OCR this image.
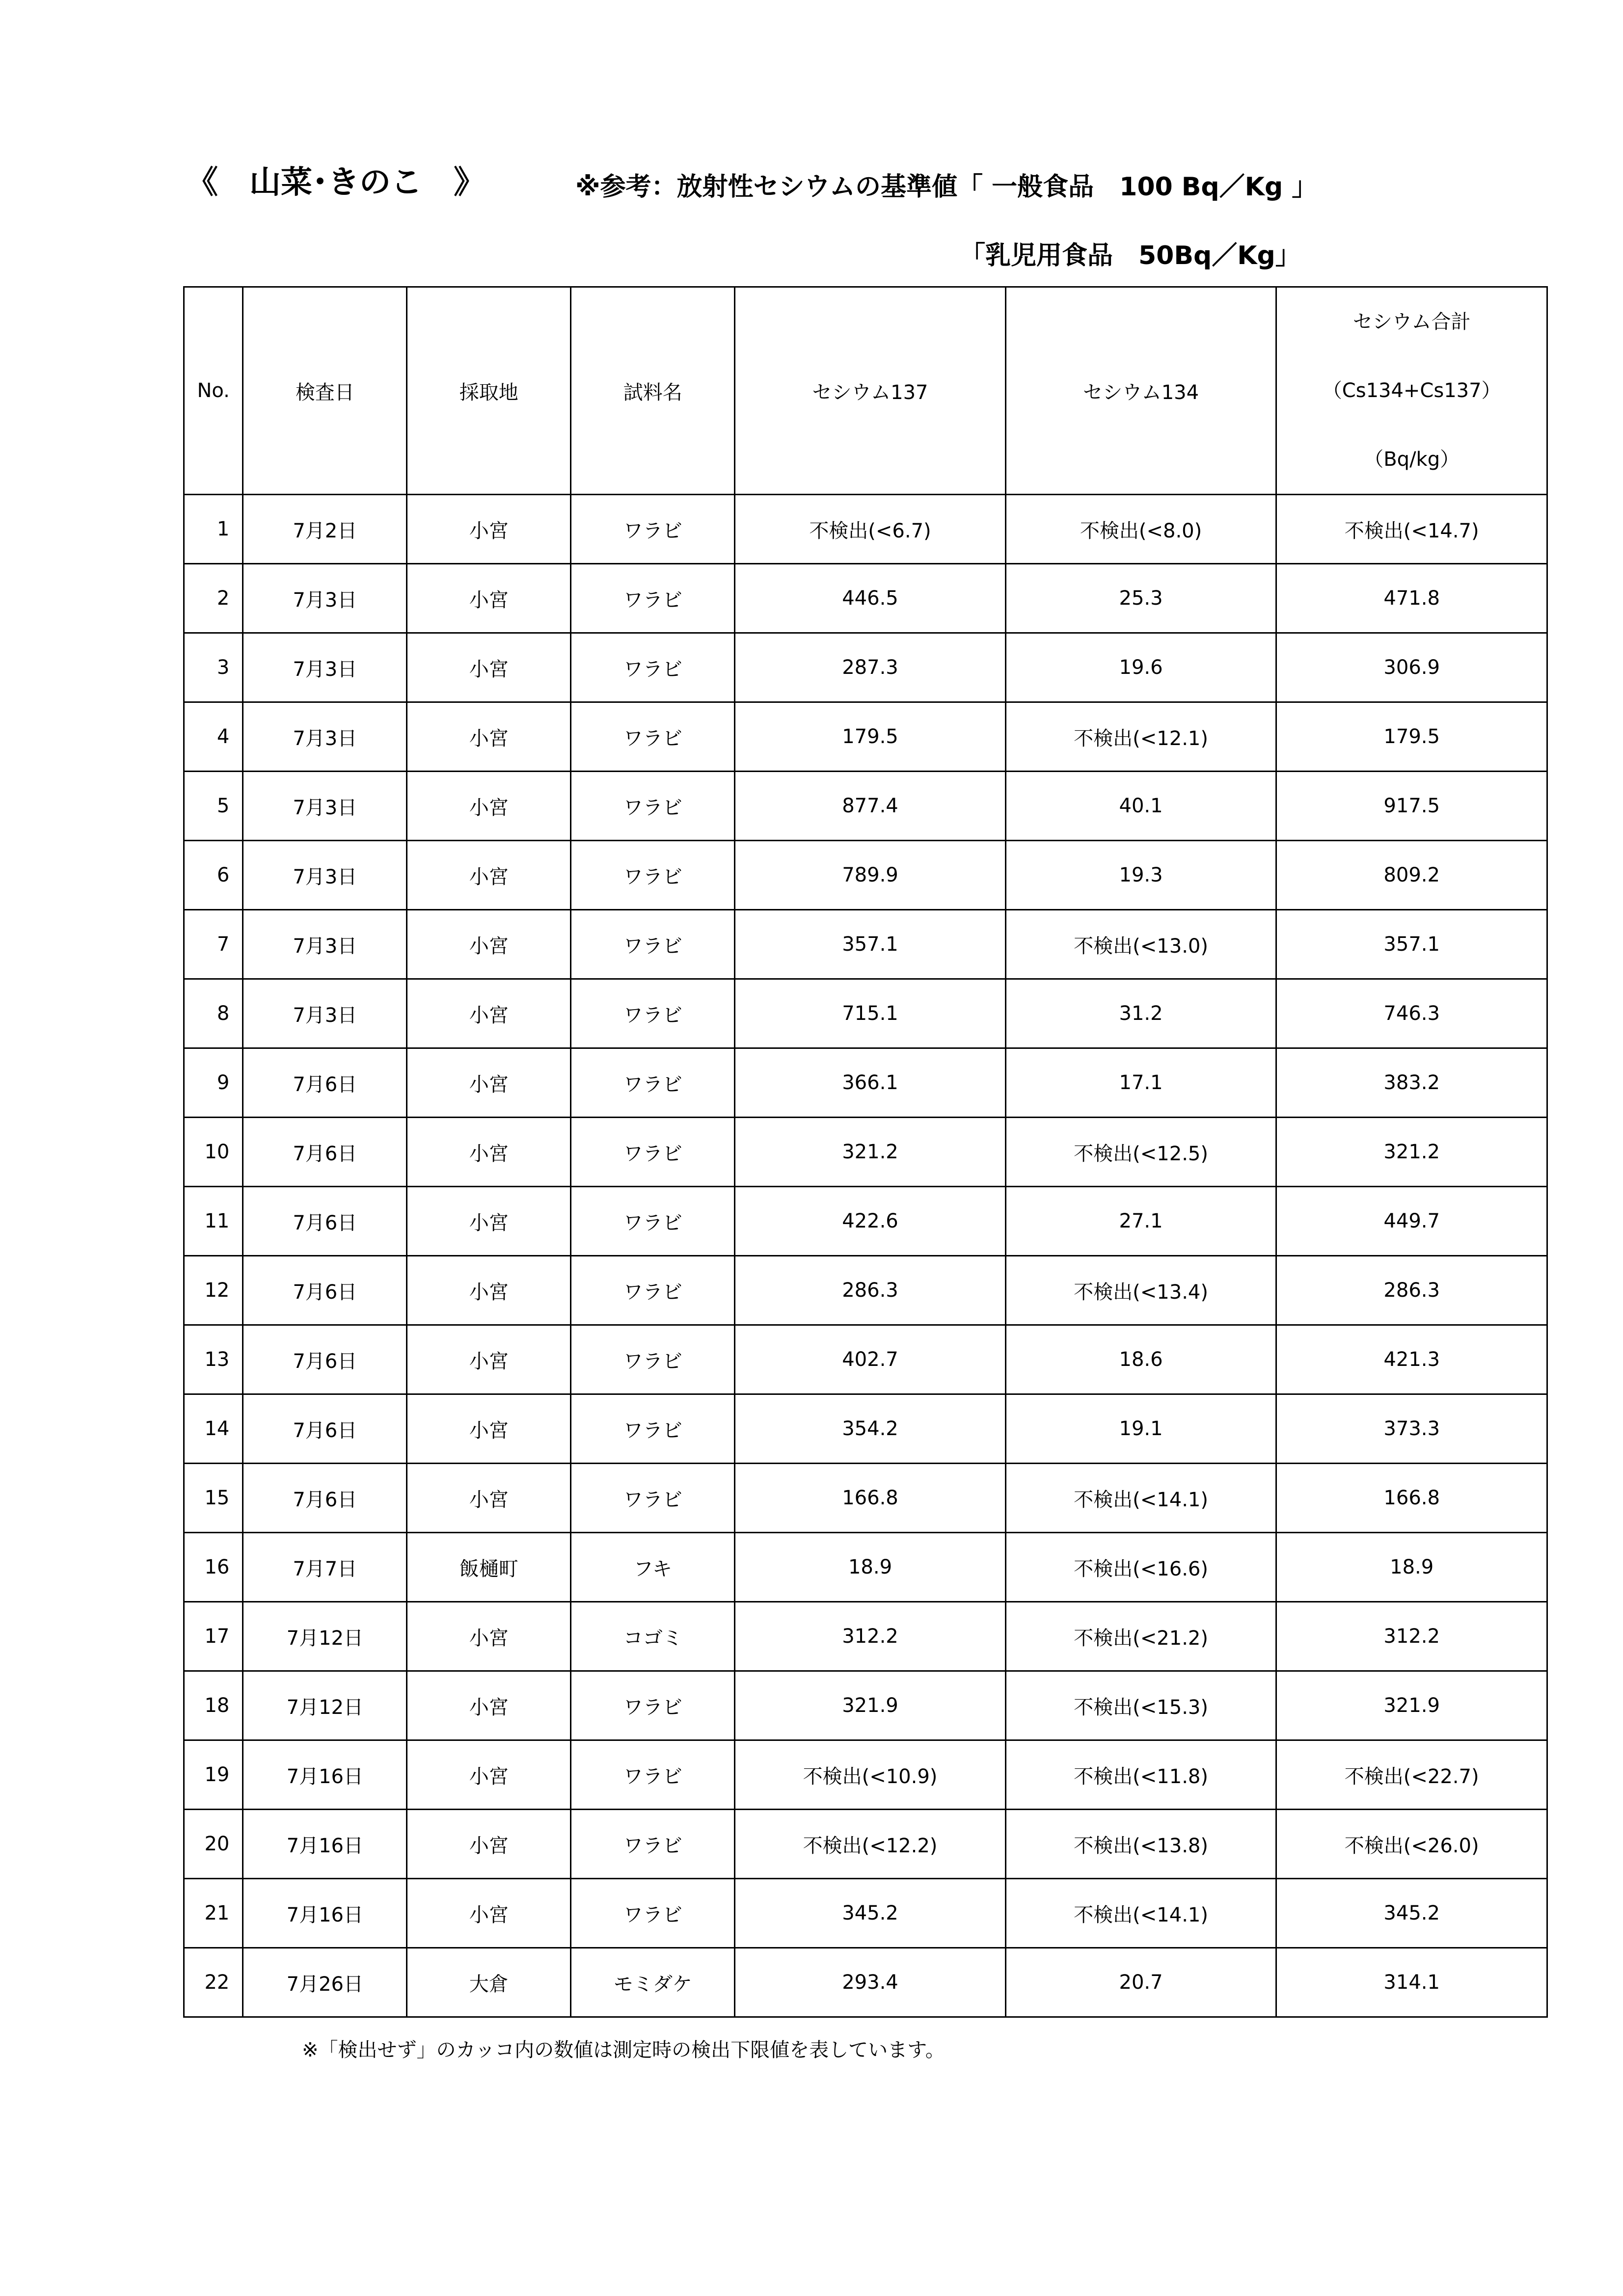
《　山菜･きのこ　》	※参考：放射性セシウムの基準値「 一般食品　100 Bq／Kg 」
「乳児用食品　50Bq／Kg」
No.	検査日	採取地	試料名	セシウム137	セシウム134	セシウム合計
（Cs134+Cs137）
（Bq/kg）

1	7月2日	小宮	ワラビ	不検出(<6.7)	不検出(<8.0)	不検出(<14.7)
2	7月3日	小宮	ワラビ	446.5	25.3	471.8
3	7月3日	小宮	ワラビ	287.3	19.6	306.9
4	7月3日	小宮	ワラビ	179.5	不検出(<12.1)	179.5
5	7月3日	小宮	ワラビ	877.4	40.1	917.5
6	7月3日	小宮	ワラビ	789.9	19.3	809.2
7	7月3日	小宮	ワラビ	357.1	不検出(<13.0)	357.1
8	7月3日	小宮	ワラビ	715.1	31.2	746.3
9	7月6日	小宮	ワラビ	366.1	17.1	383.2
10	7月6日	小宮	ワラビ	321.2	不検出(<12.5)	321.2
11	7月6日	小宮	ワラビ	422.6	27.1	449.7
12	7月6日	小宮	ワラビ	286.3	不検出(<13.4)	286.3
13	7月6日	小宮	ワラビ	402.7	18.6	421.3
14	7月6日	小宮	ワラビ	354.2	19.1	373.3
15	7月6日	小宮	ワラビ	166.8	不検出(<14.1)	166.8
16	7月7日	飯樋町	フキ	18.9	不検出(<16.6)	18.9
17	7月12日	小宮	コゴミ	312.2	不検出(<21.2)	312.2
18	7月12日	小宮	ワラビ	321.9	不検出(<15.3)	321.9
19	7月16日	小宮	ワラビ	不検出(<10.9)	不検出(<11.8)	不検出(<22.7)
20	7月16日	小宮	ワラビ	不検出(<12.2)	不検出(<13.8)	不検出(<26.0)
21	7月16日	小宮	ワラビ	345.2	不検出(<14.1)	345.2
22	7月26日	大倉	モミダケ	293.4	20.7	314.1
※「検出せず」のカッコ内の数値は測定時の検出下限値を表しています。
